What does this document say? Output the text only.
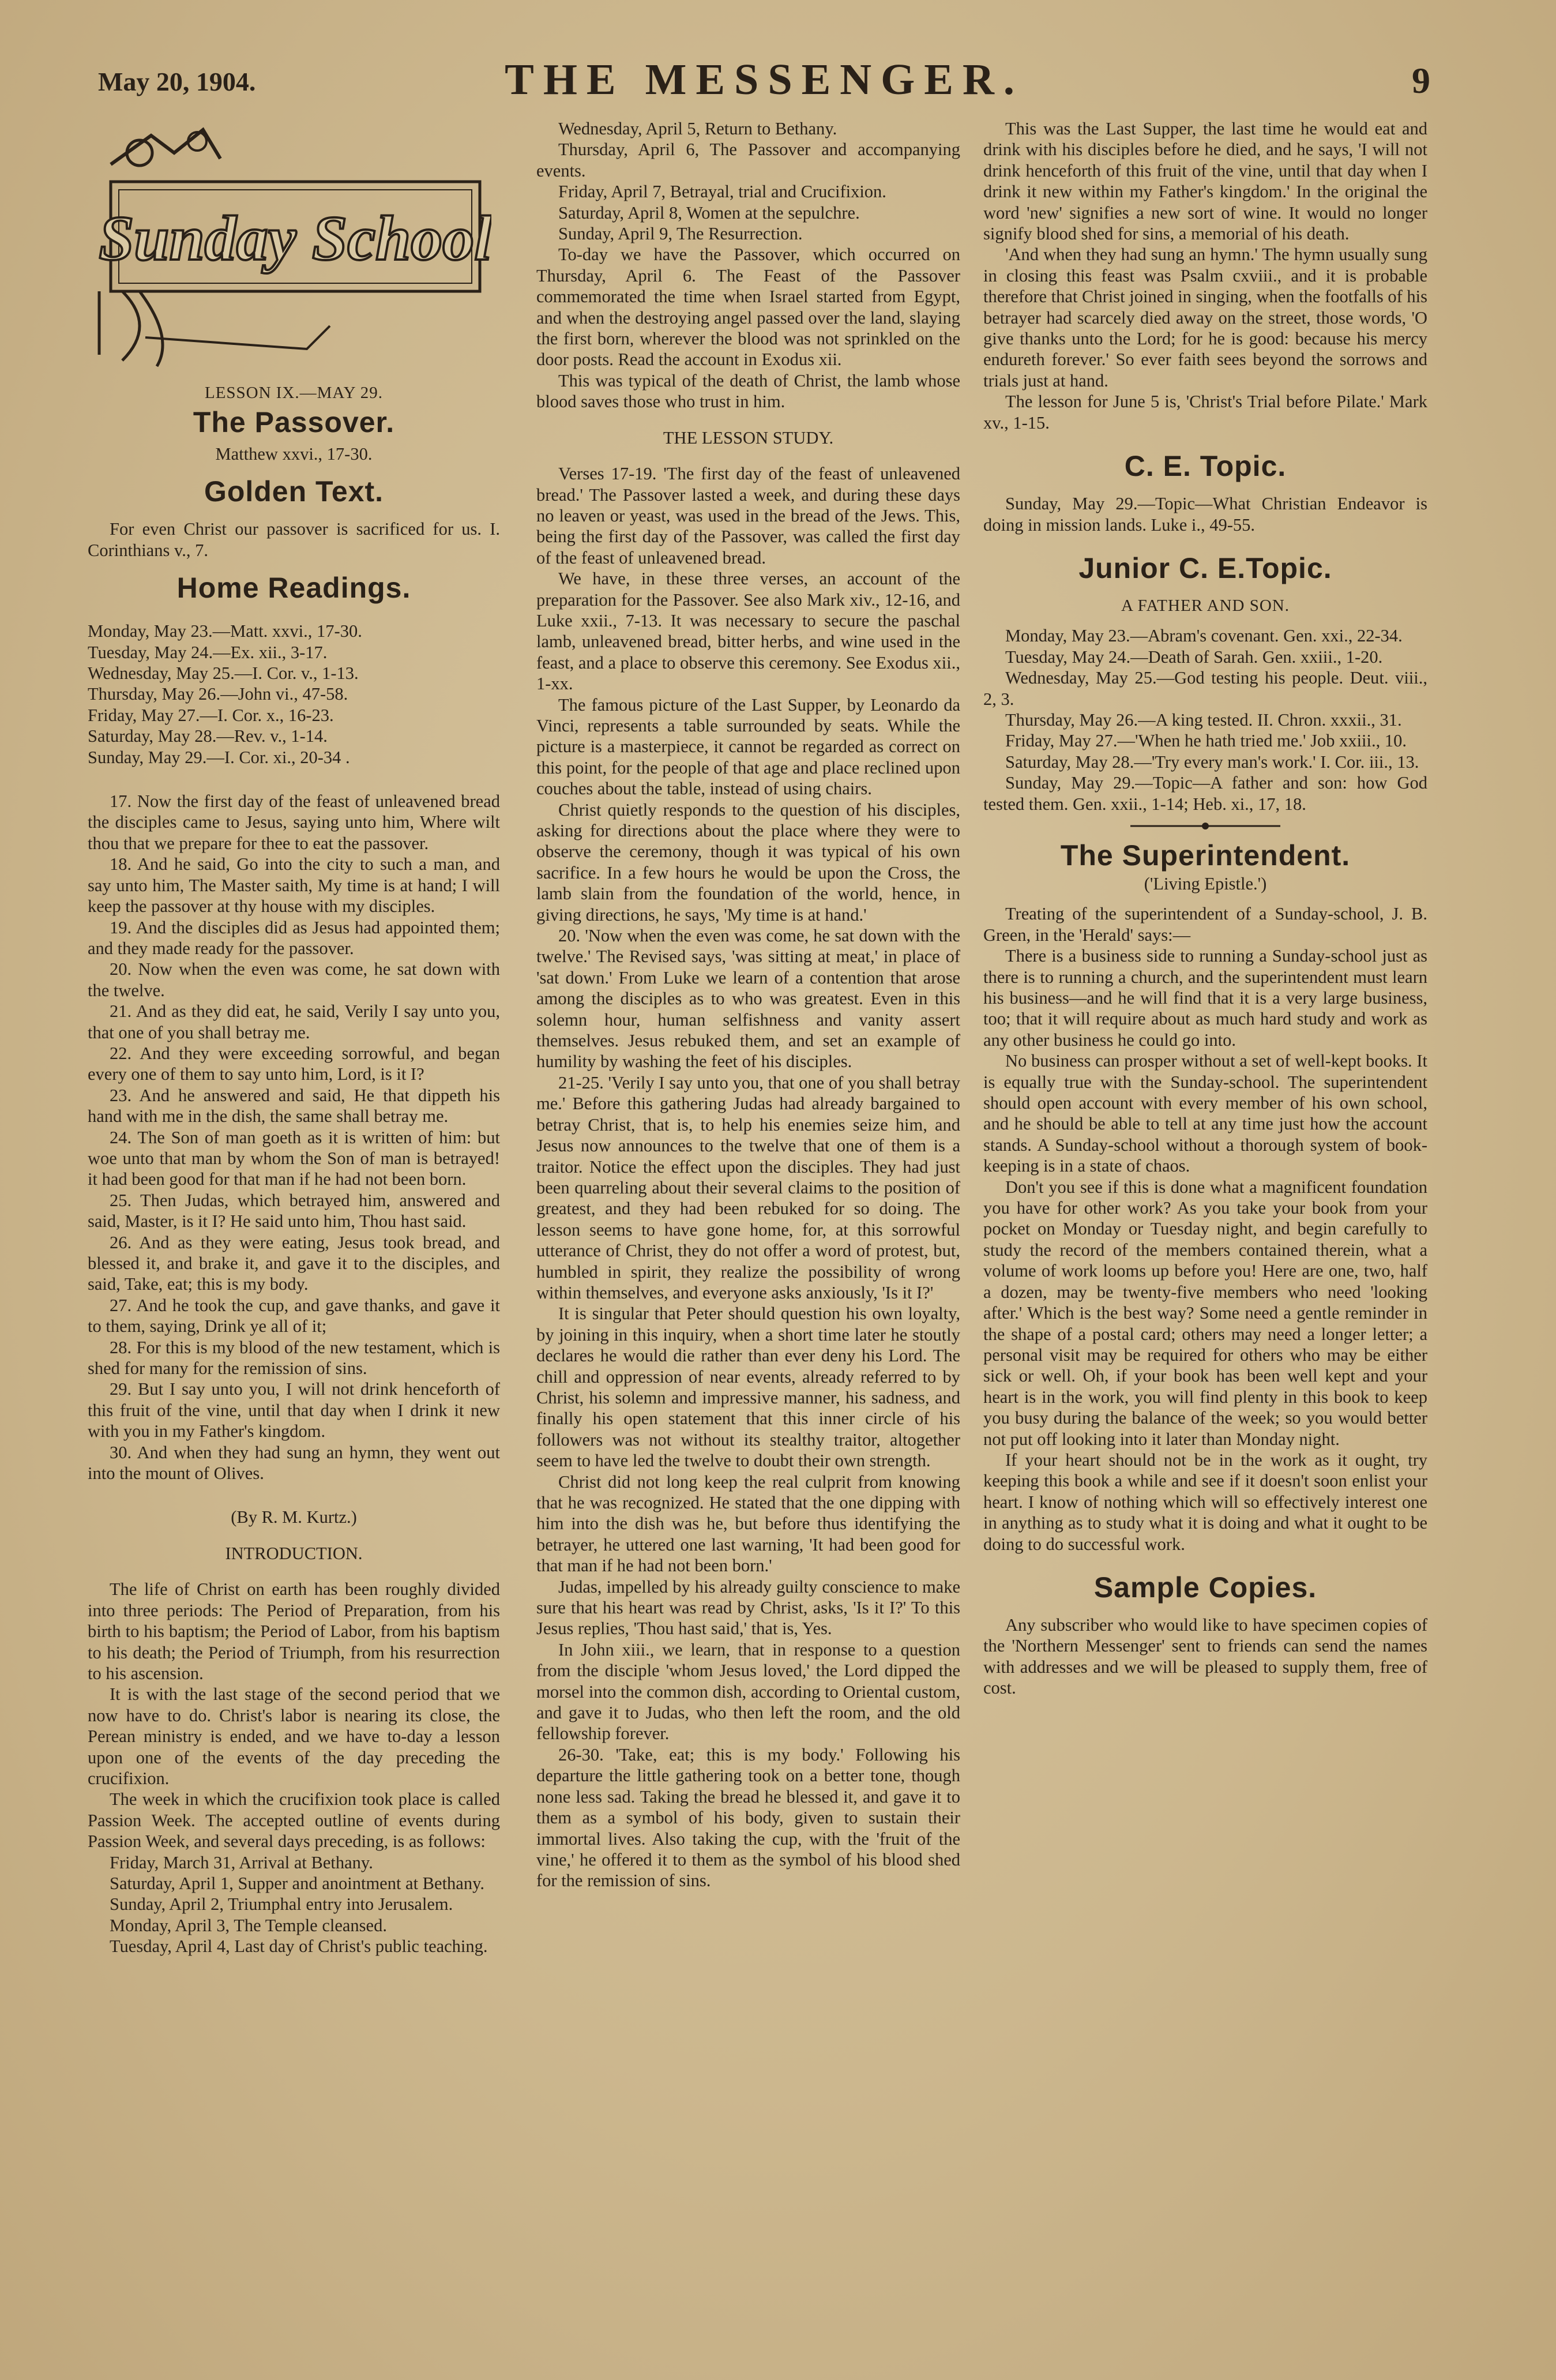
May 20, 1904.	THE MESSENGER.	9
Sunday School
LESSON IX.—MAY 29.
The Passover.

Matthew xxvi., 17-30.

Golden Text.

For even Christ our passover is sacrificed for us. I. Corinthians v., 7.

Home Readings.

Monday, May 23.—Matt. xxvi., 17-30.

Tuesday, May 24.—Ex. xii., 3-17.

Wednesday, May 25.—I. Cor. v., 1-13.

Thursday, May 26.—John vi., 47-58.

Friday, May 27.—I. Cor. x., 16-23.

Saturday, May 28.—Rev. v., 1-14.

Sunday, May 29.—I. Cor. xi., 20-34 .

17. Now the first day of the feast of unleavened bread the disciples came to Jesus, saying unto him, Where wilt thou that we prepare for thee to eat the passover.

18. And he said, Go into the city to such a man, and say unto him, The Master saith, My time is at hand; I will keep the passover at thy house with my disciples.

19. And the disciples did as Jesus had appointed them; and they made ready for the passover.

20. Now when the even was come, he sat down with the twelve.

21. And as they did eat, he said, Verily I say unto you, that one of you shall betray me.

22. And they were exceeding sorrowful, and began every one of them to say unto him, Lord, is it I?

23. And he answered and said, He that dippeth his hand with me in the dish, the same shall betray me.

24. The Son of man goeth as it is written of him: but woe unto that man by whom the Son of man is betrayed! it had been good for that man if he had not been born.

25. Then Judas, which betrayed him, answered and said, Master, is it I? He said unto him, Thou hast said.

26. And as they were eating, Jesus took bread, and blessed it, and brake it, and gave it to the disciples, and said, Take, eat; this is my body.

27. And he took the cup, and gave thanks, and gave it to them, saying, Drink ye all of it;

28. For this is my blood of the new testament, which is shed for many for the remission of sins.

29. But I say unto you, I will not drink henceforth of this fruit of the vine, until that day when I drink it new with you in my Father's kingdom.

30. And when they had sung an hymn, they went out into the mount of Olives.

(By R. M. Kurtz.)

INTRODUCTION.

The life of Christ on earth has been roughly divided into three periods: The Period of Preparation, from his birth to his baptism; the Period of Labor, from his baptism to his death; the Period of Triumph, from his resurrection to his ascension.

It is with the last stage of the second period that we now have to do. Christ's labor is nearing its close, the Perean ministry is ended, and we have to-day a lesson upon one of the events of the day preceding the crucifixion.

The week in which the crucifixion took place is called Passion Week. The accepted outline of events during Passion Week, and several days preceding, is as follows:

Friday, March 31, Arrival at Bethany.

Saturday, April 1, Supper and anointment at Bethany.

Sunday, April 2, Triumphal entry into Jerusalem.

Monday, April 3, The Temple cleansed.

Tuesday, April 4, Last day of Christ's public teaching.

Wednesday, April 5, Return to Bethany.

Thursday, April 6, The Passover and accompanying events.

Friday, April 7, Betrayal, trial and Crucifixion.

Saturday, April 8, Women at the sepulchre.

Sunday, April 9, The Resurrection.

To-day we have the Passover, which occurred on Thursday, April 6. The Feast of the Passover commemorated the time when Israel started from Egypt, and when the destroying angel passed over the land, slaying the first born, wherever the blood was not sprinkled on the door posts. Read the account in Exodus xii.

This was typical of the death of Christ, the lamb whose blood saves those who trust in him.

THE LESSON STUDY.

Verses 17-19. 'The first day of the feast of unleavened bread.' The Passover lasted a week, and during these days no leaven or yeast, was used in the bread of the Jews. This, being the first day of the Passover, was called the first day of the feast of unleavened bread.

We have, in these three verses, an account of the preparation for the Passover. See also Mark xiv., 12-16, and Luke xxii., 7-13. It was necessary to secure the paschal lamb, unleavened bread, bitter herbs, and wine used in the feast, and a place to observe this ceremony. See Exodus xii., 1-xx.

The famous picture of the Last Supper, by Leonardo da Vinci, represents a table surrounded by seats. While the picture is a masterpiece, it cannot be regarded as correct on this point, for the people of that age and place reclined upon couches about the table, instead of using chairs.

Christ quietly responds to the question of his disciples, asking for directions about the place where they were to observe the ceremony, though it was typical of his own sacrifice. In a few hours he would be upon the Cross, the lamb slain from the foundation of the world, hence, in giving directions, he says, 'My time is at hand.'

20. 'Now when the even was come, he sat down with the twelve.' The Revised says, 'was sitting at meat,' in place of 'sat down.' From Luke we learn of a contention that arose among the disciples as to who was greatest. Even in this solemn hour, human selfishness and vanity assert themselves. Jesus rebuked them, and set an example of humility by washing the feet of his disciples.

21-25. 'Verily I say unto you, that one of you shall betray me.' Before this gathering Judas had already bargained to betray Christ, that is, to help his enemies seize him, and Jesus now announces to the twelve that one of them is a traitor. Notice the effect upon the disciples. They had just been quarreling about their several claims to the position of greatest, and they had been rebuked for so doing. The lesson seems to have gone home, for, at this sorrowful utterance of Christ, they do not offer a word of protest, but, humbled in spirit, they realize the possibility of wrong within themselves, and everyone asks anxiously, 'Is it I?'

It is singular that Peter should question his own loyalty, by joining in this inquiry, when a short time later he stoutly declares he would die rather than ever deny his Lord. The chill and oppression of near events, already referred to by Christ, his solemn and impressive manner, his sadness, and finally his open statement that this inner circle of his followers was not without its stealthy traitor, altogether seem to have led the twelve to doubt their own strength.

Christ did not long keep the real culprit from knowing that he was recognized. He stated that the one dipping with him into the dish was he, but before thus identifying the betrayer, he uttered one last warning, 'It had been good for that man if he had not been born.'

Judas, impelled by his already guilty conscience to make sure that his heart was read by Christ, asks, 'Is it I?' To this Jesus replies, 'Thou hast said,' that is, Yes.

In John xiii., we learn, that in response to a question from the disciple 'whom Jesus loved,' the Lord dipped the morsel into the common dish, according to Oriental custom, and gave it to Judas, who then left the room, and the old fellowship forever.

26-30. 'Take, eat; this is my body.' Following his departure the little gathering took on a better tone, though none less sad. Taking the bread he blessed it, and gave it to them as a symbol of his body, given to sustain their immortal lives. Also taking the cup, with the 'fruit of the vine,' he offered it to them as the symbol of his blood shed for the remission of sins.

This was the Last Supper, the last time he would eat and drink with his disciples before he died, and he says, 'I will not drink henceforth of this fruit of the vine, until that day when I drink it new within my Father's kingdom.' In the original the word 'new' signifies a new sort of wine. It would no longer signify blood shed for sins, a memorial of his death.

'And when they had sung an hymn.' The hymn usually sung in closing this feast was Psalm cxviii., and it is probable therefore that Christ joined in singing, when the footfalls of his betrayer had scarcely died away on the street, those words, 'O give thanks unto the Lord; for he is good: because his mercy endureth forever.' So ever faith sees beyond the sorrows and trials just at hand.

The lesson for June 5 is, 'Christ's Trial before Pilate.' Mark xv., 1-15.

C. E. Topic.

Sunday, May 29.—Topic—What Christian Endeavor is doing in mission lands. Luke i., 49-55.

Junior C. E.Topic.

A FATHER AND SON.

Monday, May 23.—Abram's covenant. Gen. xxi., 22-34.

Tuesday, May 24.—Death of Sarah. Gen. xxiii., 1-20.

Wednesday, May 25.—God testing his people. Deut. viii., 2, 3.

Thursday, May 26.—A king tested. II. Chron. xxxii., 31.

Friday, May 27.—'When he hath tried me.' Job xxiii., 10.

Saturday, May 28.—'Try every man's work.' I. Cor. iii., 13.

Sunday, May 29.—Topic—A father and son: how God tested them. Gen. xxii., 1-14; Heb. xi., 17, 18.

The Superintendent.

('Living Epistle.')

Treating of the superintendent of a Sunday-school, J. B. Green, in the 'Herald' says:—

There is a business side to running a Sunday-school just as there is to running a church, and the superintendent must learn his business—and he will find that it is a very large business, too; that it will require about as much hard study and work as any other business he could go into.

No business can prosper without a set of well-kept books. It is equally true with the Sunday-school. The superintendent should open account with every member of his own school, and he should be able to tell at any time just how the account stands. A Sunday-school without a thorough system of book-keeping is in a state of chaos.

Don't you see if this is done what a magnificent foundation you have for other work? As you take your book from your pocket on Monday or Tuesday night, and begin carefully to study the record of the members contained therein, what a volume of work looms up before you! Here are one, two, half a dozen, may be twenty-five members who need 'looking after.' Which is the best way? Some need a gentle reminder in the shape of a postal card; others may need a longer letter; a personal visit may be required for others who may be either sick or well. Oh, if your book has been well kept and your heart is in the work, you will find plenty in this book to keep you busy during the balance of the week; so you would better not put off looking into it later than Monday night.

If your heart should not be in the work as it ought, try keeping this book a while and see if it doesn't soon enlist your heart. I know of nothing which will so effectively interest one in anything as to study what it is doing and what it ought to be doing to do successful work.

Sample Copies.

Any subscriber who would like to have specimen copies of the 'Northern Messenger' sent to friends can send the names with addresses and we will be pleased to supply them, free of cost.
